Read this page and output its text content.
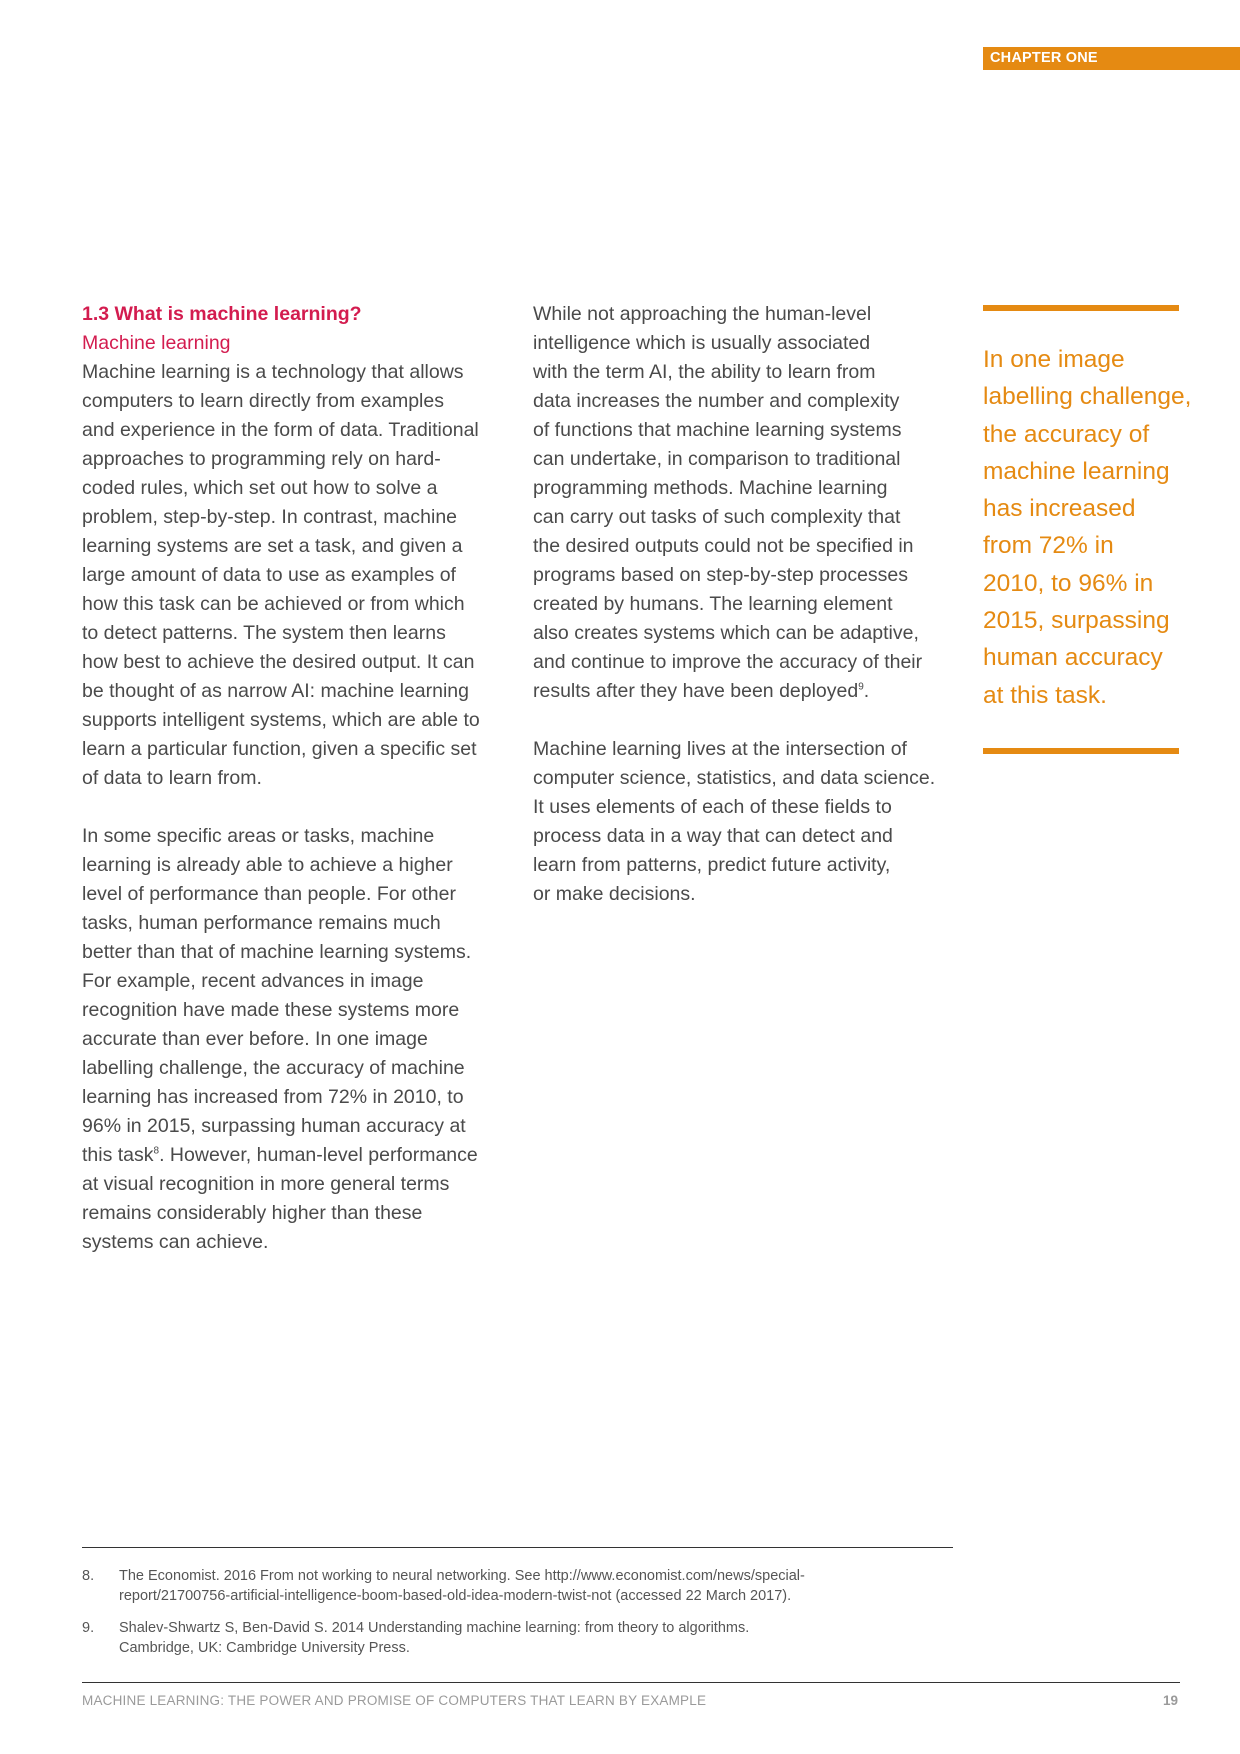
CHAPTER ONE
1.3 What is machine learning?
Machine learning

Machine learning is a technology that allows
computers to learn directly from examples
and experience in the form of data. Traditional
approaches to programming rely on hard-
coded rules, which set out how to solve a
problem, step-by-step. In contrast, machine
learning systems are set a task, and given a
large amount of data to use as examples of
how this task can be achieved or from which
to detect patterns. The system then learns
how best to achieve the desired output. It can
be thought of as narrow AI: machine learning
supports intelligent systems, which are able to
learn a particular function, given a specific set
of data to learn from.

In some specific areas or tasks, machine
learning is already able to achieve a higher
level of performance than people. For other
tasks, human performance remains much
better than that of machine learning systems.
For example, recent advances in image
recognition have made these systems more
accurate than ever before. In one image
labelling challenge, the accuracy of machine
learning has increased from 72% in 2010, to
96% in 2015, surpassing human accuracy at
this task$^8$. However, human-level performance
at visual recognition in more general terms
remains considerably higher than these
systems can achieve.

While not approaching the human-level
intelligence which is usually associated
with the term AI, the ability to learn from
data increases the number and complexity
of functions that machine learning systems
can undertake, in comparison to traditional
programming methods. Machine learning
can carry out tasks of such complexity that
the desired outputs could not be specified in
programs based on step-by-step processes
created by humans. The learning element
also creates systems which can be adaptive,
and continue to improve the accuracy of their
results after they have been deployed$^9$.

Machine learning lives at the intersection of
computer science, statistics, and data science.
It uses elements of each of these fields to
process data in a way that can detect and
learn from patterns, predict future activity,
or make decisions.

In one image
labelling challenge,
the accuracy of
machine learning
has increased
from 72% in
2010, to 96% in
2015, surpassing
human accuracy
at this task.
8. The Economist. 2016 From not working to neural networking. See http://www.economist.com/news/special-
report/21700756-artificial-intelligence-boom-based-old-idea-modern-twist-not (accessed 22 March 2017).
9. Shalev-Shwartz S, Ben-David S. 2014 Understanding machine learning: from theory to algorithms.
Cambridge, UK: Cambridge University Press.
MACHINE LEARNING: THE POWER AND PROMISE OF COMPUTERS THAT LEARN BY EXAMPLE	19
